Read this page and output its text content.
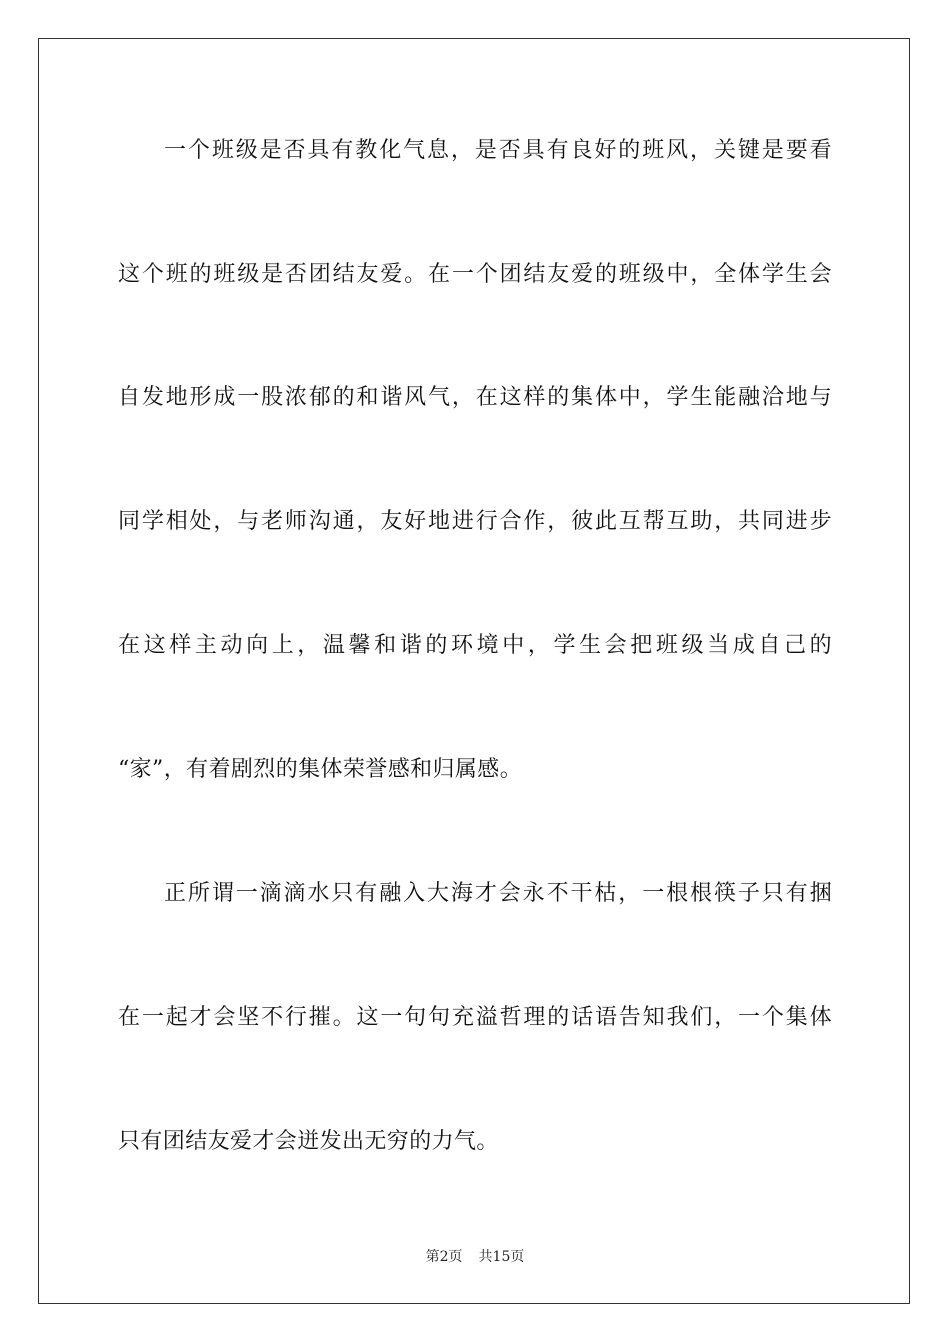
一个班级是否具有教化气息，是否具有良好的班风，关键是要看
这个班的班级是否团结友爱。在一个团结友爱的班级中，全体学生会
自发地形成一股浓郁的和谐风气，在这样的集体中，学生能融洽地与
同学相处，与老师沟通，友好地进行合作，彼此互帮互助，共同进步
在这样主动向上，温馨和谐的环境中，学生会把班级当成自己的
“家”，有着剧烈的集体荣誉感和归属感。
正所谓一滴滴水只有融入大海才会永不干枯，一根根筷子只有捆
在一起才会坚不行摧。这一句句充溢哲理的话语告知我们，一个集体
只有团结友爱才会迸发出无穷的力气。
第2页 共15页
